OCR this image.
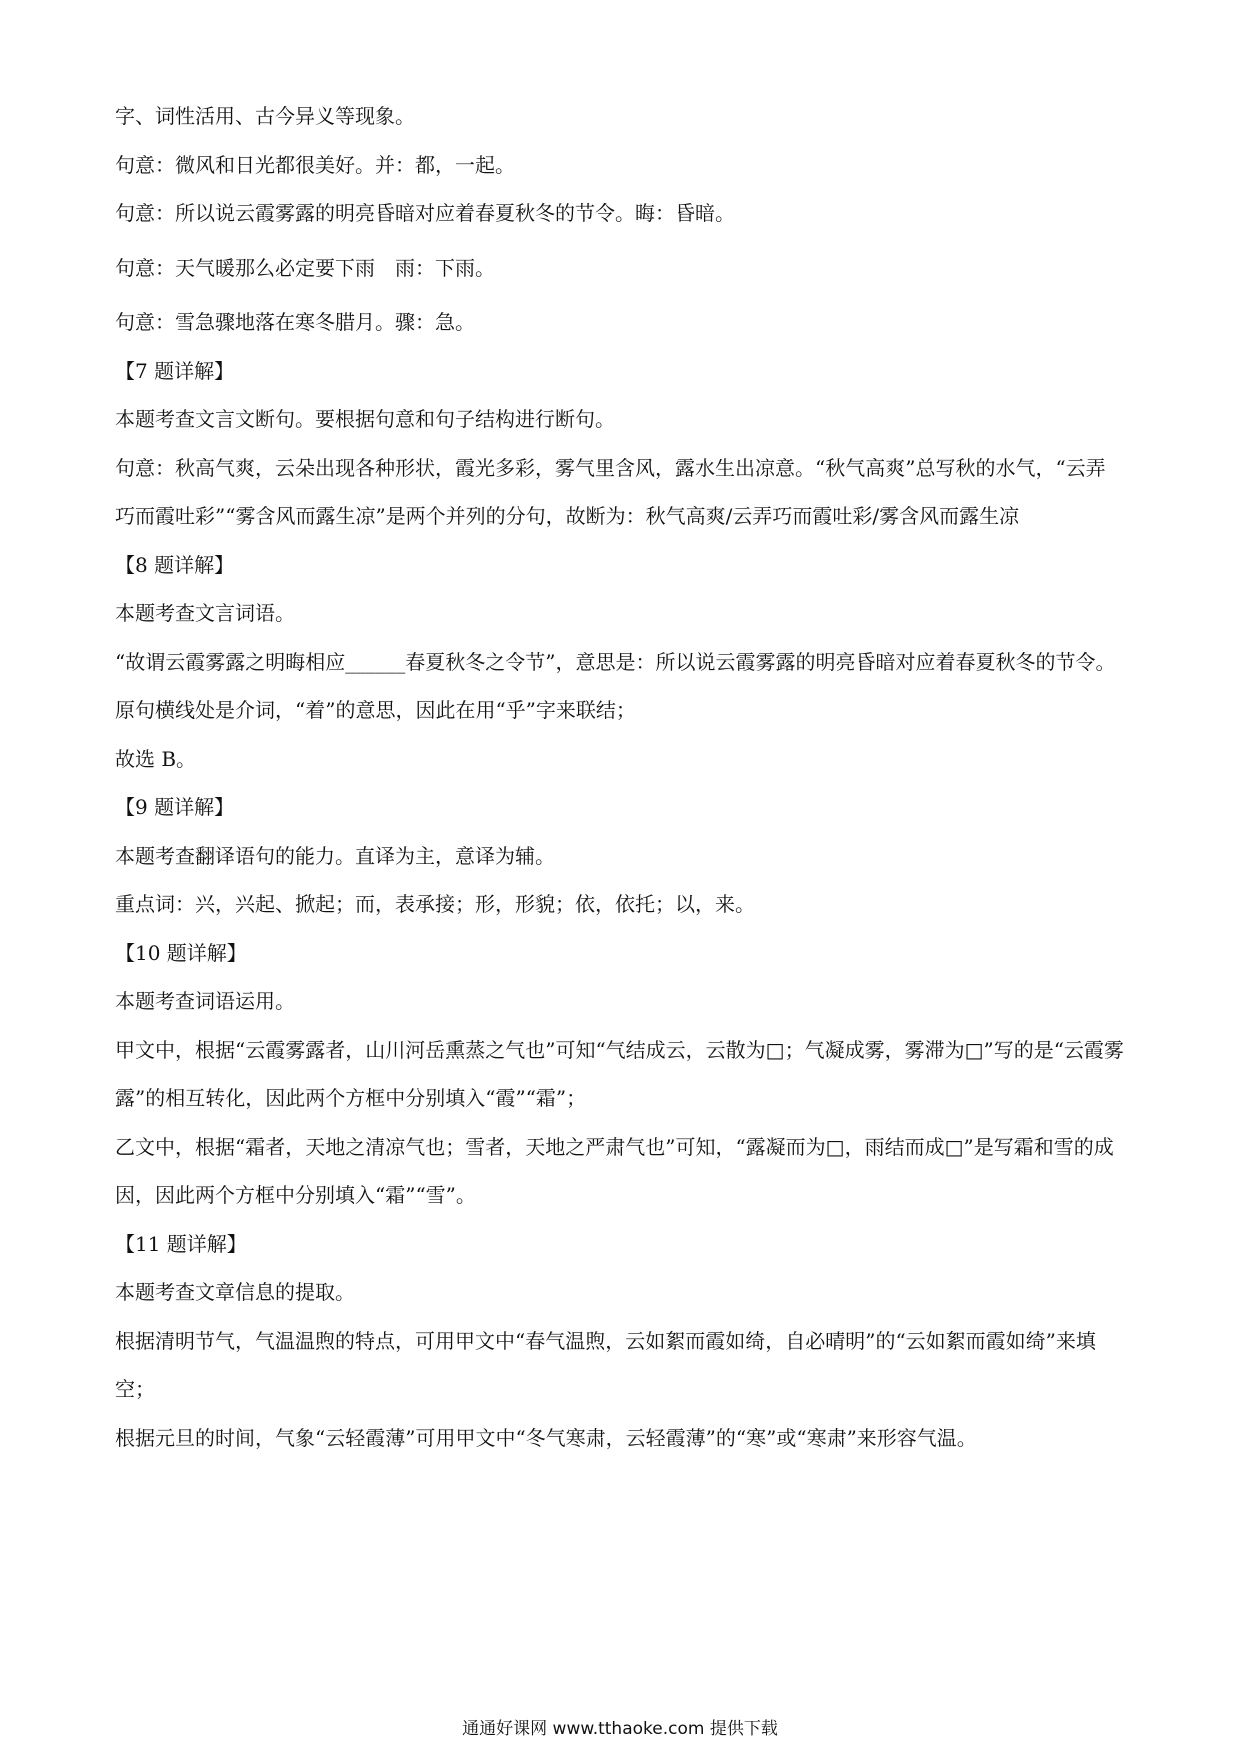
字、词性活用、古今异义等现象。
句意：微风和日光都很美好。并：都，一起。
句意：所以说云霞雾露的明亮昏暗对应着春夏秋冬的节令。晦：昏暗。
句意：天气暖那么必定要下雨　雨：下雨。
句意：雪急骤地落在寒冬腊月。骤：急。
【7 题详解】
本题考查文言文断句。要根据句意和句子结构进行断句。
句意：秋高气爽，云朵出现各种形状，霞光多彩，雾气里含风，露水生出凉意。“秋气高爽”总写秋的水气，“云弄巧而霞吐彩”“雾含风而露生凉”是两个并列的分句，故断为：秋气高爽/云弄巧而霞吐彩/雾含风而露生凉
【8 题详解】
本题考查文言词语。
“故谓云霞雾露之明晦相应______春夏秋冬之令节”，意思是：所以说云霞雾露的明亮昏暗对应着春夏秋冬的节令。原句横线处是介词，“着”的意思，因此在用“乎”字来联结；
故选 B。
【9 题详解】
本题考查翻译语句的能力。直译为主，意译为辅。
重点词：兴，兴起、掀起；而，表承接；形，形貌；依，依托；以，来。
【10 题详解】
本题考查词语运用。
甲文中，根据“云霞雾露者，山川河岳熏蒸之气也”可知“气结成云，云散为□；气凝成雾，雾滞为□”写的是“云霞雾露”的相互转化，因此两个方框中分别填入“霞”“霜”；
乙文中，根据“霜者，天地之清凉气也；雪者，天地之严肃气也”可知，“露凝而为□，雨结而成□”是写霜和雪的成因，因此两个方框中分别填入“霜”“雪”。
【11 题详解】
本题考查文章信息的提取。
根据清明节气，气温温煦的特点，可用甲文中“春气温煦，云如絮而霞如绮，自必晴明”的“云如絮而霞如绮”来填空；
根据元旦的时间，气象“云轻霞薄”可用甲文中“冬气寒肃，云轻霞薄”的“寒”或“寒肃”来形容气温。
通通好课网 www.tthaoke.com 提供下载
